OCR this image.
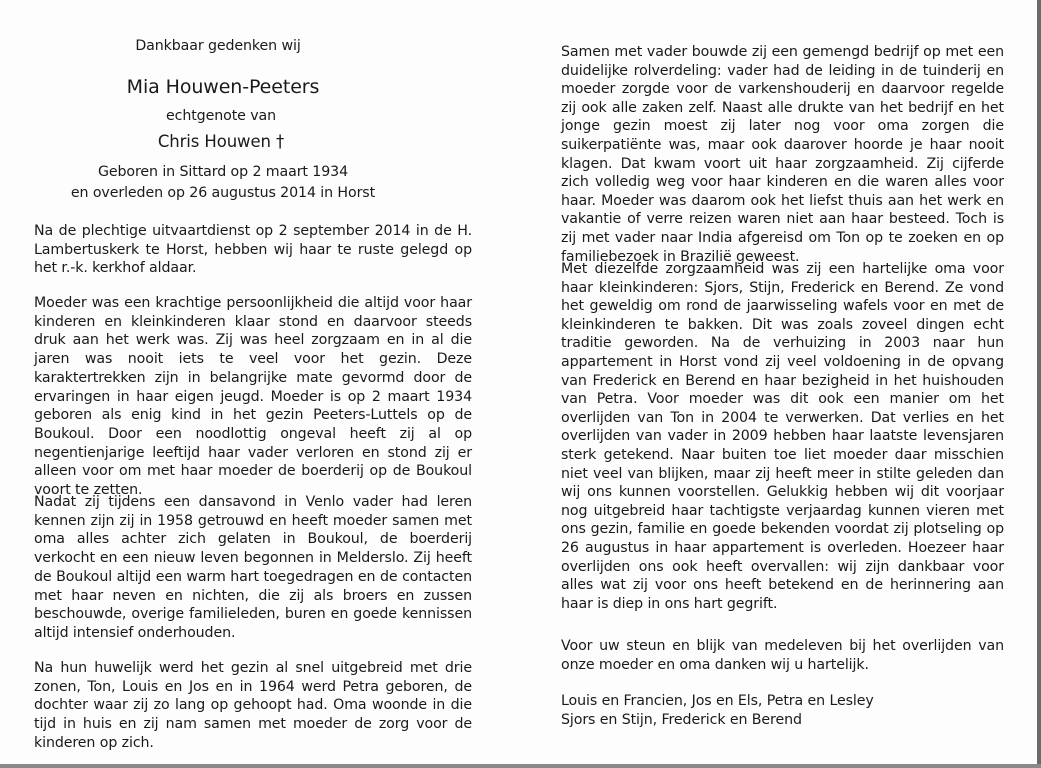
Dankbaar gedenken wij
Mia Houwen-Peeters
echtgenote van
Chris Houwen †
Geboren in Sittard op 2 maart 1934
en overleden op 26 augustus 2014 in Horst
Na de plechtige uitvaartdienst op 2 september 2014 in de H. Lambertuskerk te Horst, hebben wij haar te ruste gelegd op het r.-k. kerkhof aldaar.
Moeder was een krachtige persoonlijkheid die altijd voor haar kinderen en kleinkinderen klaar stond en daarvoor steeds druk aan het werk was. Zij was heel zorgzaam en in al die jaren was nooit iets te veel voor het gezin. Deze karaktertrekken zijn in belangrijke mate gevormd door de ervaringen in haar eigen jeugd. Moeder is op 2 maart 1934 geboren als enig kind in het gezin Peeters-Luttels op de Boukoul. Door een noodlottig ongeval heeft zij al op negentienjarige leeftijd haar vader verloren en stond zij er alleen voor om met haar moeder de boerderij op de Boukoul voort te zetten.
Nadat zij tijdens een dansavond in Venlo vader had leren kennen zijn zij in 1958 getrouwd en heeft moeder samen met oma alles achter zich gelaten in Boukoul, de boerderij verkocht en een nieuw leven begonnen in Melderslo. Zij heeft de Boukoul altijd een warm hart toegedragen en de contacten met haar neven en nichten, die zij als broers en zussen beschouwde, overige familieleden, buren en goede kennissen altijd intensief onderhouden.
Na hun huwelijk werd het gezin al snel uitgebreid met drie zonen, Ton, Louis en Jos en in 1964 werd Petra geboren, de dochter waar zij zo lang op gehoopt had. Oma woonde in die tijd in huis en zij nam samen met moeder de zorg voor de kinderen op zich.
Samen met vader bouwde zij een gemengd bedrijf op met een duidelijke rolverdeling: vader had de leiding in de tuinderij en moeder zorgde voor de varkenshouderij en daarvoor regelde zij ook alle zaken zelf. Naast alle drukte van het bedrijf en het jonge gezin moest zij later nog voor oma zorgen die suikerpatiënte was, maar ook daarover hoorde je haar nooit klagen. Dat kwam voort uit haar zorgzaamheid. Zij cijferde zich volledig weg voor haar kinderen en die waren alles voor haar. Moeder was daarom ook het liefst thuis aan het werk en vakantie of verre reizen waren niet aan haar besteed. Toch is zij met vader naar India afgereisd om Ton op te zoeken en op familiebezoek in Brazilië geweest.
Met diezelfde zorgzaamheid was zij een hartelijke oma voor haar kleinkinderen: Sjors, Stijn, Frederick en Berend. Ze vond het geweldig om rond de jaarwisseling wafels voor en met de kleinkinderen te bakken. Dit was zoals zoveel dingen echt traditie geworden. Na de verhuizing in 2003 naar hun appartement in Horst vond zij veel voldoening in de opvang van Frederick en Berend en haar bezigheid in het huishouden van Petra. Voor moeder was dit ook een manier om het overlijden van Ton in 2004 te verwerken. Dat verlies en het overlijden van vader in 2009 hebben haar laatste levensjaren sterk getekend. Naar buiten toe liet moeder daar misschien niet veel van blijken, maar zij heeft meer in stilte geleden dan wij ons kunnen voorstellen. Gelukkig hebben wij dit voorjaar nog uitgebreid haar tachtigste verjaardag kunnen vieren met ons gezin, familie en goede bekenden voordat zij plotseling op 26 augustus in haar appartement is overleden. Hoezeer haar overlijden ons ook heeft overvallen: wij zijn dankbaar voor alles wat zij voor ons heeft betekend en de herinnering aan haar is diep in ons hart gegrift.
Voor uw steun en blijk van medeleven bij het overlijden van onze moeder en oma danken wij u hartelijk.
Louis en Francien, Jos en Els, Petra en Lesley
Sjors en Stijn, Frederick en Berend
